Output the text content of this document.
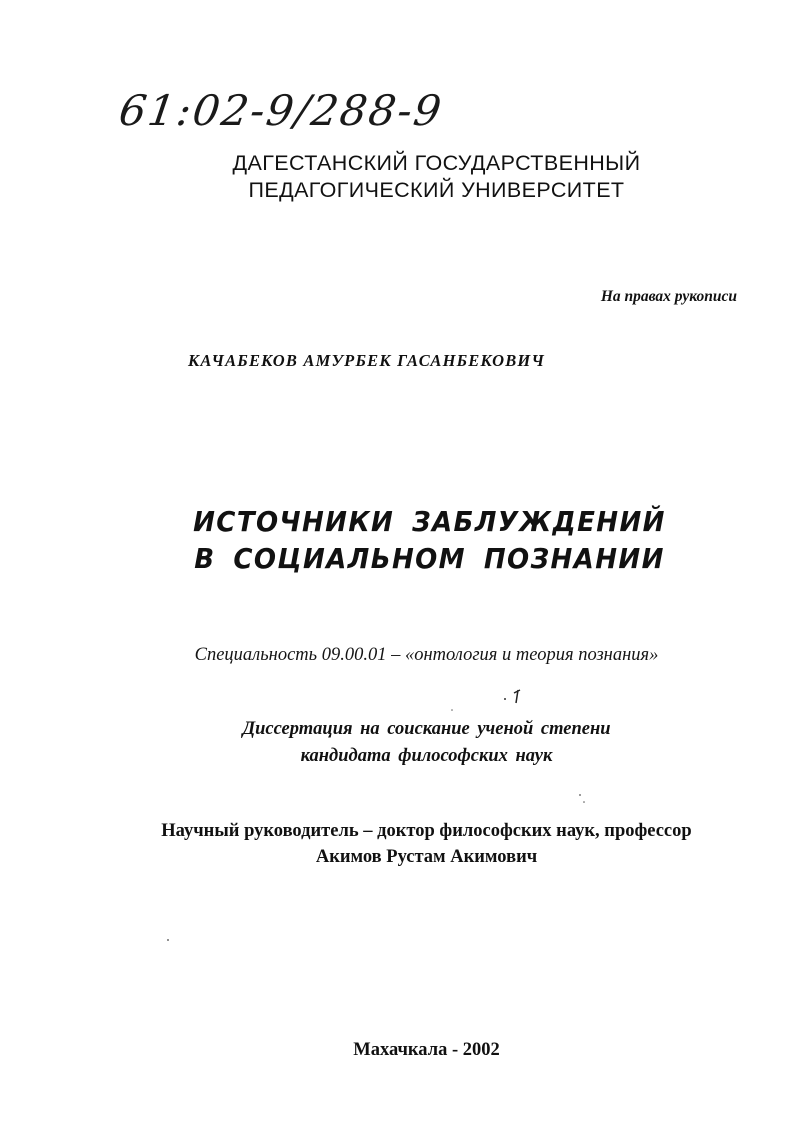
61:02-9/288-9
ДАГЕСТАНСКИЙ ГОСУДАРСТВЕННЫЙ
ПЕДАГОГИЧЕСКИЙ УНИВЕРСИТЕТ
На правах рукописи
КАЧАБЕКОВ АМУРБЕК ГАСАНБЕКОВИЧ
ИСТОЧНИКИ ЗАБЛУЖДЕНИЙ
В СОЦИАЛЬНОМ ПОЗНАНИИ
Специальность 09.00.01 – «онтология и теория познания»
Диссертация на соискание ученой степени
кандидата философских наук
Научный руководитель – доктор философских наук, профессор
Акимов Рустам Акимович
Махачкала - 2002
